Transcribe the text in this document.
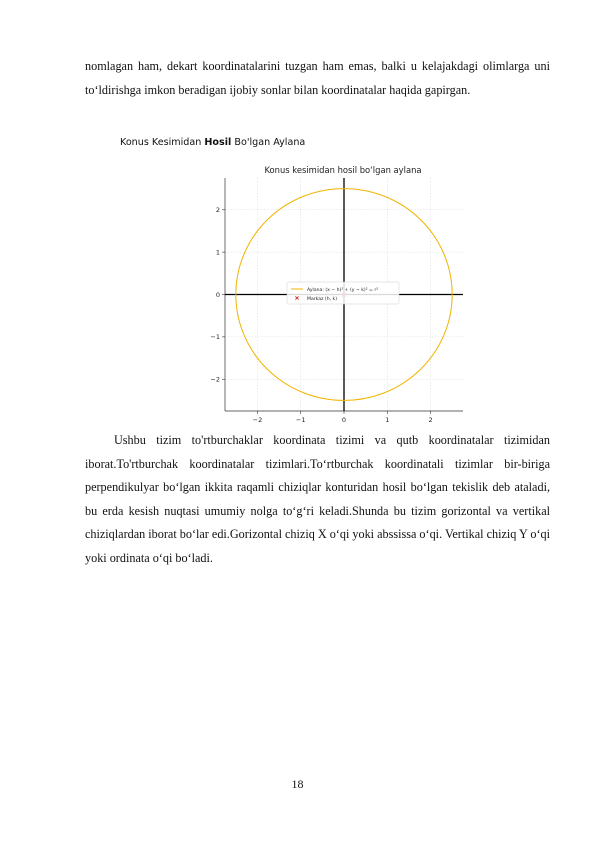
nomlagan ham, dekart koordinatalarini tuzgan ham emas, balki u kelajakdagi olimlarga uni to‘ldirishga imkon beradigan ijobiy sonlar bilan koordinatalar haqida gapirgan.
Konus Kesimidan Hosil Bo'lgan Aylana
Konus kesimidan hosil bo‘lgan aylana
−2	−1	0	1	2
−2
−1
0
1
2
Aylana: (x − h)² + (y − k)² = r²
Markaz (h, k)
Ushbu tizim to'rtburchaklar koordinata tizimi va qutb koordinatalar tizimidan iborat.To'rtburchak koordinatalar tizimlari.To‘rtburchak koordinatali tizimlar bir-biriga perpendikulyar bo‘lgan ikkita raqamli chiziqlar konturidan hosil bo‘lgan tekislik deb ataladi, bu erda kesish nuqtasi umumiy nolga to‘g‘ri keladi.Shunda bu tizim gorizontal va vertikal chiziqlardan iborat bo‘lar edi.Gorizontal chiziq X o‘qi yoki abssissa o‘qi. Vertikal chiziq Y o‘qi yoki ordinata o‘qi bo‘ladi.
18
